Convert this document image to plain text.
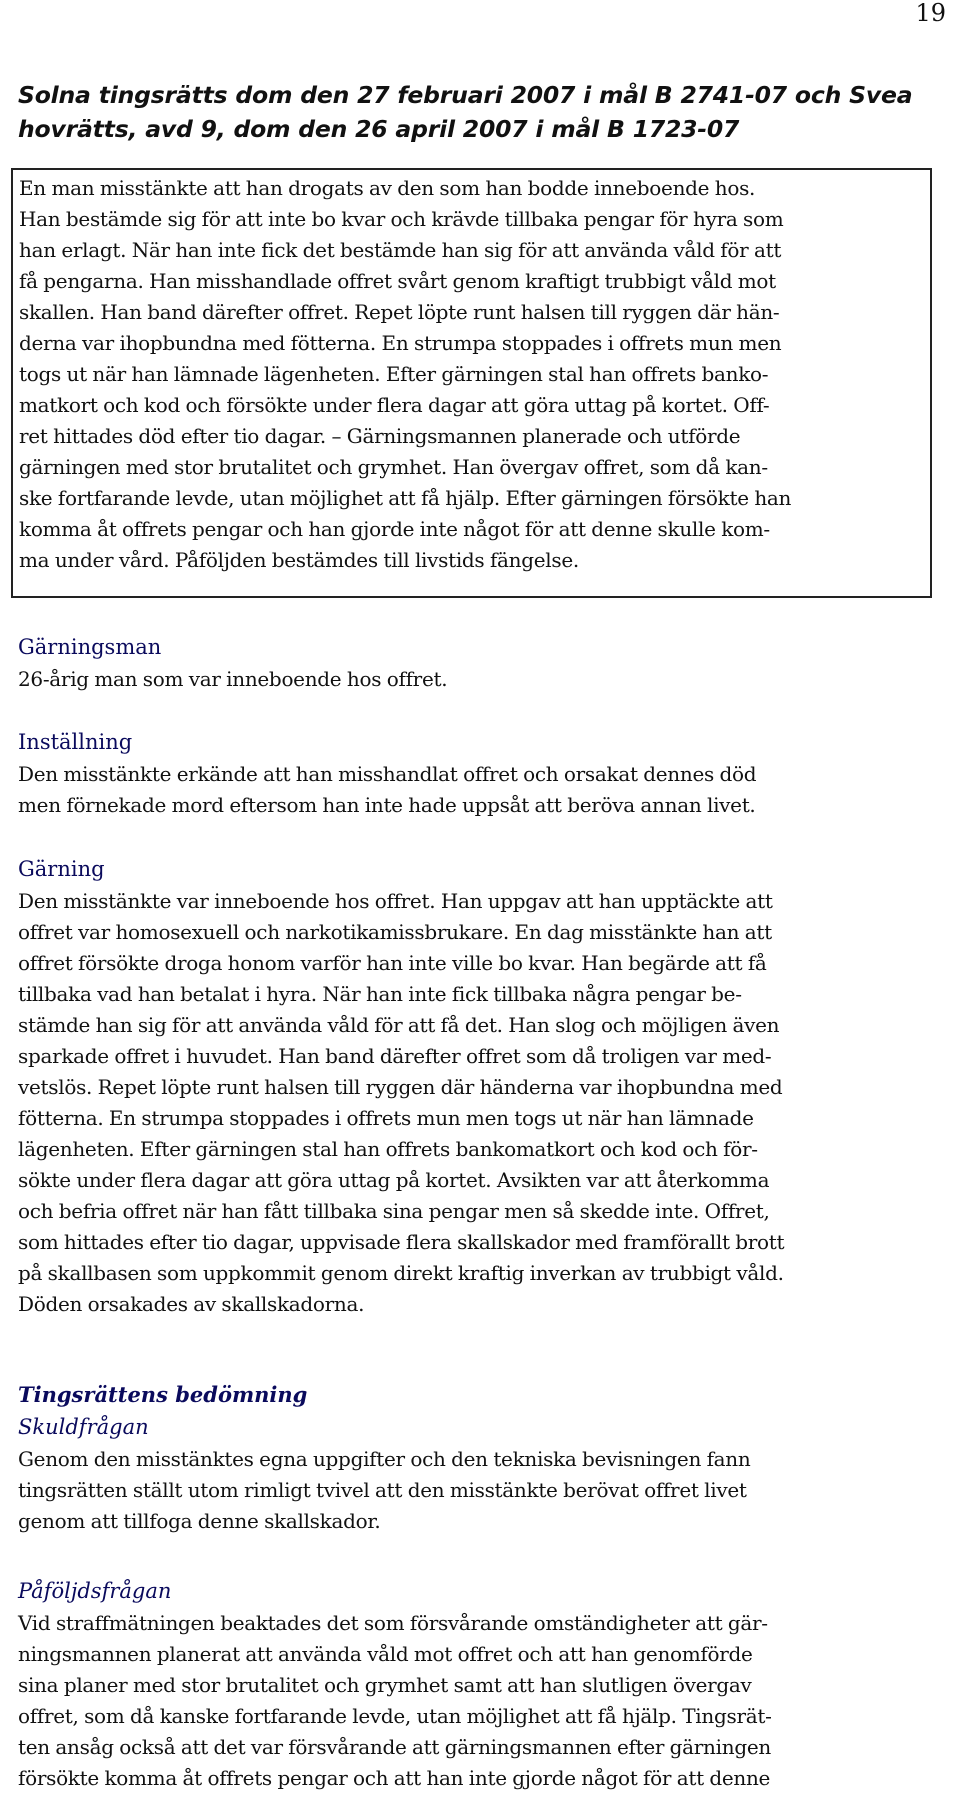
19
Solna tingsrätts dom den 27 februari 2007 i mål B 2741-07 och Svea
hovrätts, avd 9, dom den 26 april 2007 i mål B 1723-07
En man misstänkte att han drogats av den som han bodde inneboende hos.
Han bestämde sig för att inte bo kvar och krävde tillbaka pengar för hyra som
han erlagt. När han inte fick det bestämde han sig för att använda våld för att
få pengarna. Han misshandlade offret svårt genom kraftigt trubbigt våld mot
skallen. Han band därefter offret. Repet löpte runt halsen till ryggen där hän-
derna var ihopbundna med fötterna. En strumpa stoppades i offrets mun men
togs ut när han lämnade lägenheten. Efter gärningen stal han offrets banko-
matkort och kod och försökte under flera dagar att göra uttag på kortet. Off-
ret hittades död efter tio dagar. – Gärningsmannen planerade och utförde
gärningen med stor brutalitet och grymhet. Han övergav offret, som då kan-
ske fortfarande levde, utan möjlighet att få hjälp. Efter gärningen försökte han
komma åt offrets pengar och han gjorde inte något för att denne skulle kom-
ma under vård. Påföljden bestämdes till livstids fängelse.
Gärningsman
26-årig man som var inneboende hos offret.
Inställning
Den misstänkte erkände att han misshandlat offret och orsakat dennes död
men förnekade mord eftersom han inte hade uppsåt att beröva annan livet.
Gärning
Den misstänkte var inneboende hos offret. Han uppgav att han upptäckte att
offret var homosexuell och narkotikamissbrukare. En dag misstänkte han att
offret försökte droga honom varför han inte ville bo kvar. Han begärde att få
tillbaka vad han betalat i hyra. När han inte fick tillbaka några pengar be-
stämde han sig för att använda våld för att få det. Han slog och möjligen även
sparkade offret i huvudet. Han band därefter offret som då troligen var med-
vetslös. Repet löpte runt halsen till ryggen där händerna var ihopbundna med
fötterna. En strumpa stoppades i offrets mun men togs ut när han lämnade
lägenheten. Efter gärningen stal han offrets bankomatkort och kod och för-
sökte under flera dagar att göra uttag på kortet. Avsikten var att återkomma
och befria offret när han fått tillbaka sina pengar men så skedde inte. Offret,
som hittades efter tio dagar, uppvisade flera skallskador med framförallt brott
på skallbasen som uppkommit genom direkt kraftig inverkan av trubbigt våld.
Döden orsakades av skallskadorna.
Tingsrättens bedömning
Skuldfrågan
Genom den misstänktes egna uppgifter och den tekniska bevisningen fann
tingsrätten ställt utom rimligt tvivel att den misstänkte berövat offret livet
genom att tillfoga denne skallskador.
Påföljdsfrågan
Vid straffmätningen beaktades det som försvårande omständigheter att gär-
ningsmannen planerat att använda våld mot offret och att han genomförde
sina planer med stor brutalitet och grymhet samt att han slutligen övergav
offret, som då kanske fortfarande levde, utan möjlighet att få hjälp. Tingsrät-
ten ansåg också att det var försvårande att gärningsmannen efter gärningen
försökte komma åt offrets pengar och att han inte gjorde något för att denne
